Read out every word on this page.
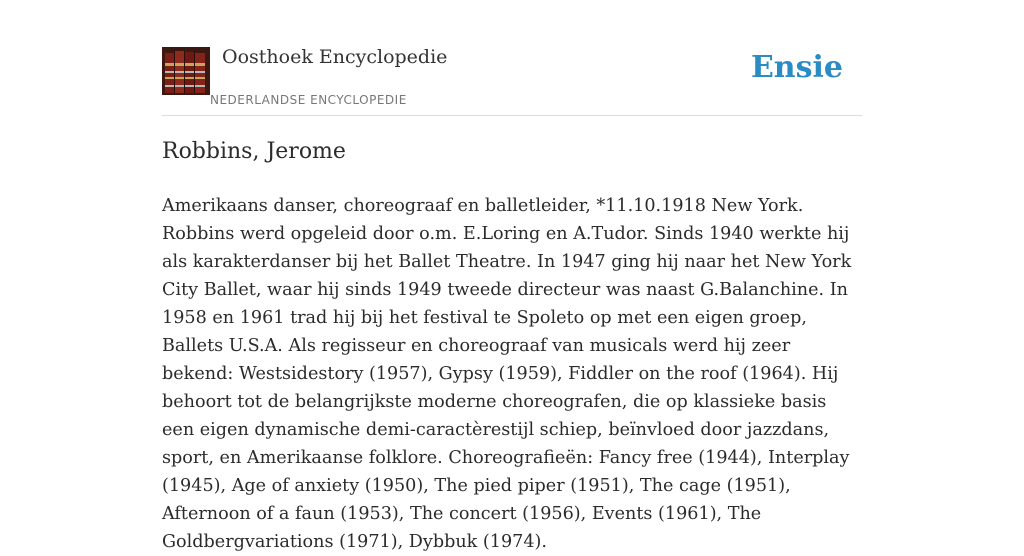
Oosthoek Encyclopedie
NEDERLANDSE ENCYCLOPEDIE
Ensie
Robbins, Jerome

Amerikaans danser, choreograaf en balletleider, *11.10.1918 New York. Robbins werd opgeleid door o.m. E.Loring en A.Tudor. Sinds 1940 werkte hij als karakterdanser bij het Ballet Theatre. In 1947 ging hij naar het New York City Ballet, waar hij sinds 1949 tweede directeur was naast G.Balanchine. In 1958 en 1961 trad hij bij het festival te Spoleto op met een eigen groep, Ballets U.S.A. Als regisseur en choreograaf van musicals werd hij zeer bekend: Westsidestory (1957), Gypsy (1959), Fiddler on the roof (1964). Hij behoort tot de belangrijkste moderne choreografen, die op klassieke basis een eigen dynamische demi-caractèrestijl schiep, beïnvloed door jazzdans, sport, en Amerikaanse folklore. Choreografieën: Fancy free (1944), Interplay (1945), Age of anxiety (1950), The pied piper (1951), The cage (1951), Afternoon of a faun (1953), The concert (1956), Events (1961), The Goldbergvariations (1971), Dybbuk (1974).
